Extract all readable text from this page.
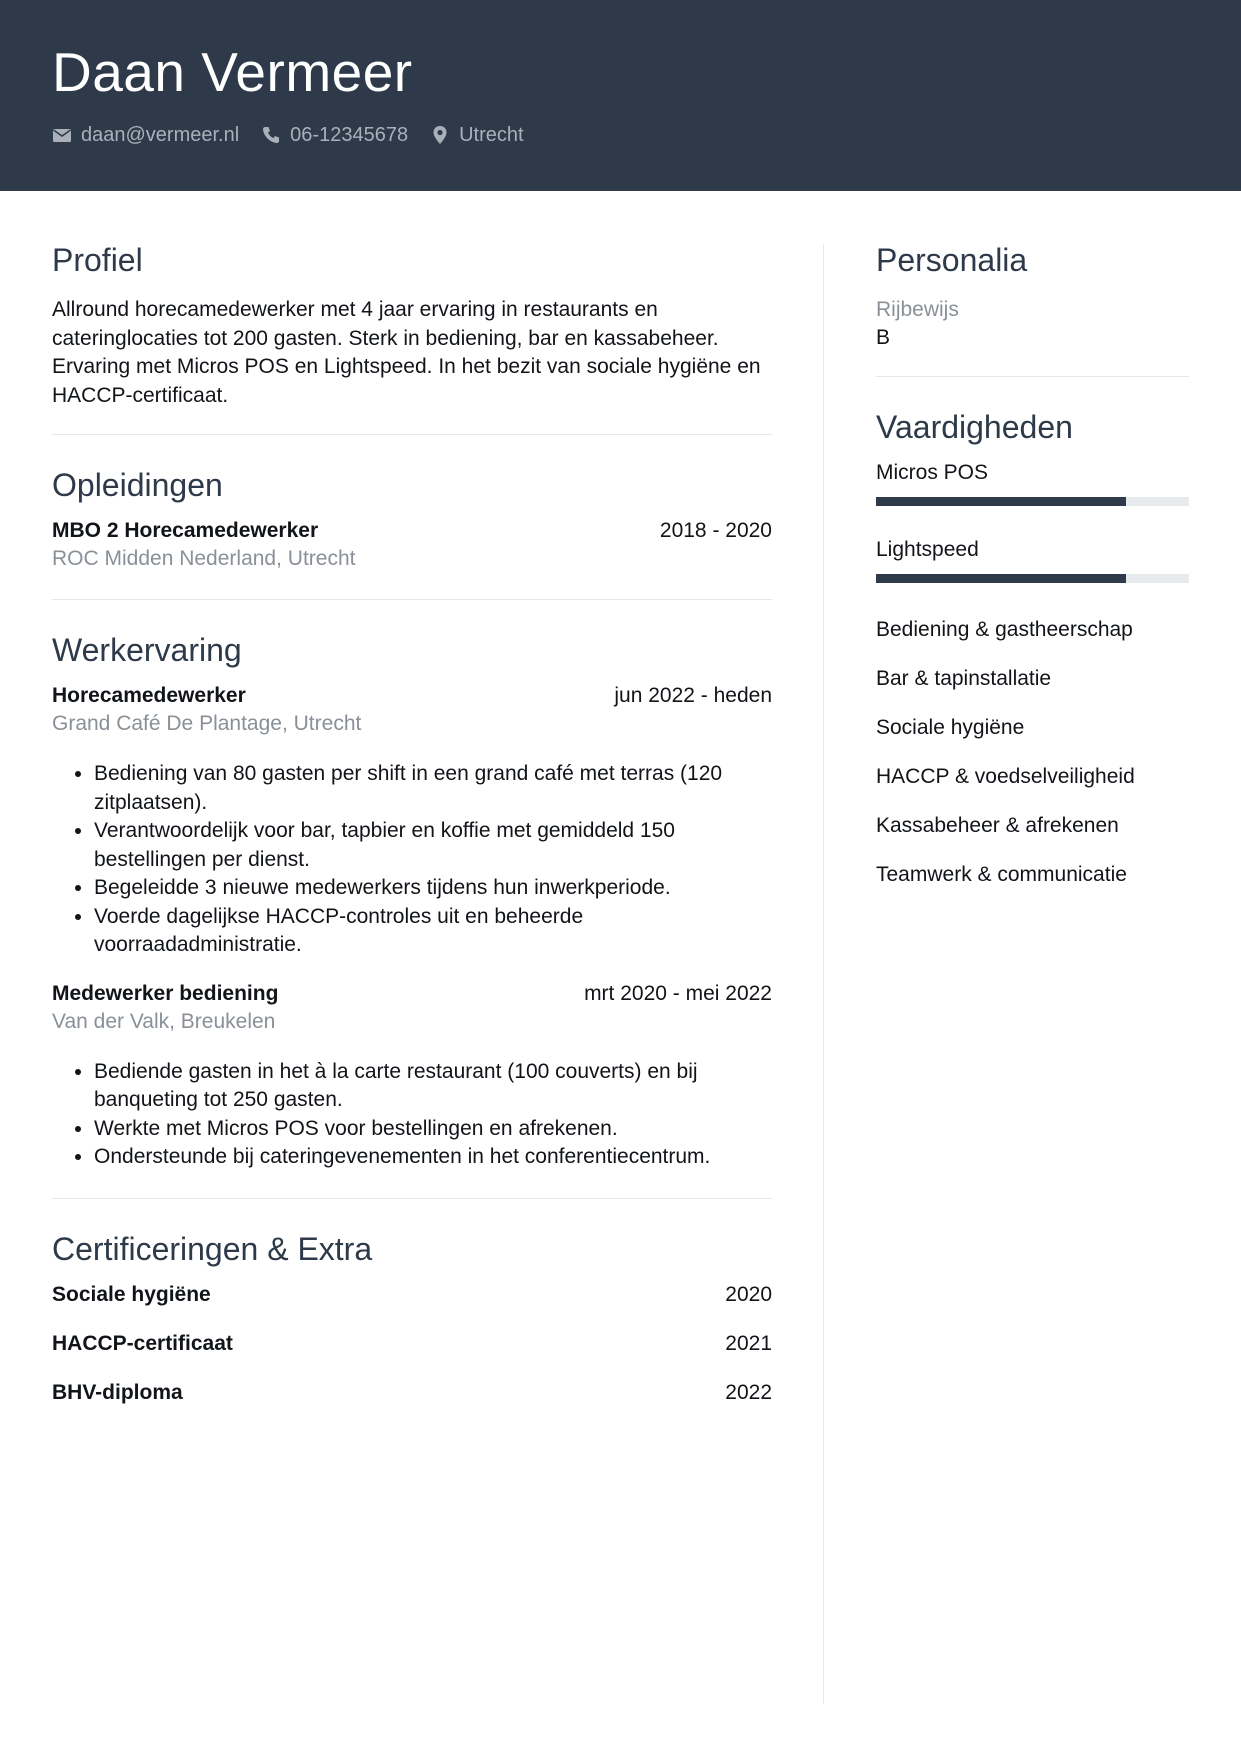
Daan Vermeer
daan@vermeer.nl	06-12345678	Utrecht
Profiel
Allround horecamedewerker met 4 jaar ervaring in restaurants en cateringlocaties tot 200 gasten. Sterk in bediening, bar en kassabeheer. Ervaring met Micros POS en Lightspeed. In het bezit van sociale hygiëne en HACCP-certificaat.
Opleidingen
MBO 2 Horecamedewerker	2018 - 2020
ROC Midden Nederland, Utrecht
Werkervaring
Horecamedewerker	jun 2022 - heden
Grand Café De Plantage, Utrecht
• Bediening van 80 gasten per shift in een grand café met terras (120 zitplaatsen).
• Verantwoordelijk voor bar, tapbier en koffie met gemiddeld 150 bestellingen per dienst.
• Begeleidde 3 nieuwe medewerkers tijdens hun inwerkperiode.
• Voerde dagelijkse HACCP-controles uit en beheerde voorraadadministratie.
Medewerker bediening	mrt 2020 - mei 2022
Van der Valk, Breukelen
• Bediende gasten in het à la carte restaurant (100 couverts) en bij banqueting tot 250 gasten.
• Werkte met Micros POS voor bestellingen en afrekenen.
• Ondersteunde bij cateringevenementen in het conferentiecentrum.
Certificeringen & Extra
Sociale hygiëne	2020
HACCP-certificaat	2021
BHV-diploma	2022
Personalia
Rijbewijs
B
Vaardigheden
Micros POS
Lightspeed
Bediening & gastheerschap
Bar & tapinstallatie
Sociale hygiëne
HACCP & voedselveiligheid
Kassabeheer & afrekenen
Teamwerk & communicatie
